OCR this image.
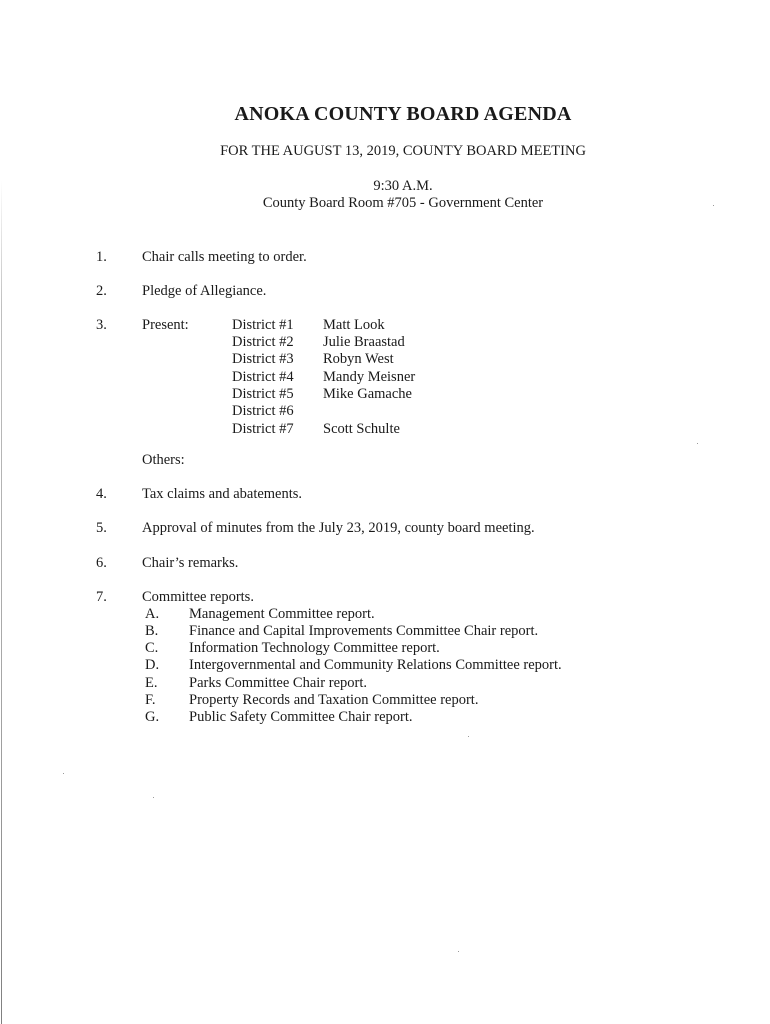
ANOKA COUNTY BOARD AGENDA
FOR THE AUGUST 13, 2019, COUNTY BOARD MEETING
9:30 A.M.
County Board Room #705 - Government Center
1. Chair calls meeting to order.
2. Pledge of Allegiance.
3. Present:	District #1 Matt Look
District #2 Julie Braastad
District #3 Robyn West
District #4 Mandy Meisner
District #5 Mike Gamache
District #6
District #7 Scott Schulte
Others:
4. Tax claims and abatements.
5. Approval of minutes from the July 23, 2019, county board meeting.
6. Chair’s remarks.
7. Committee reports.
A. Management Committee report.
B. Finance and Capital Improvements Committee Chair report.
C. Information Technology Committee report.
D. Intergovernmental and Community Relations Committee report.
E. Parks Committee Chair report.
F. Property Records and Taxation Committee report.
G. Public Safety Committee Chair report.
